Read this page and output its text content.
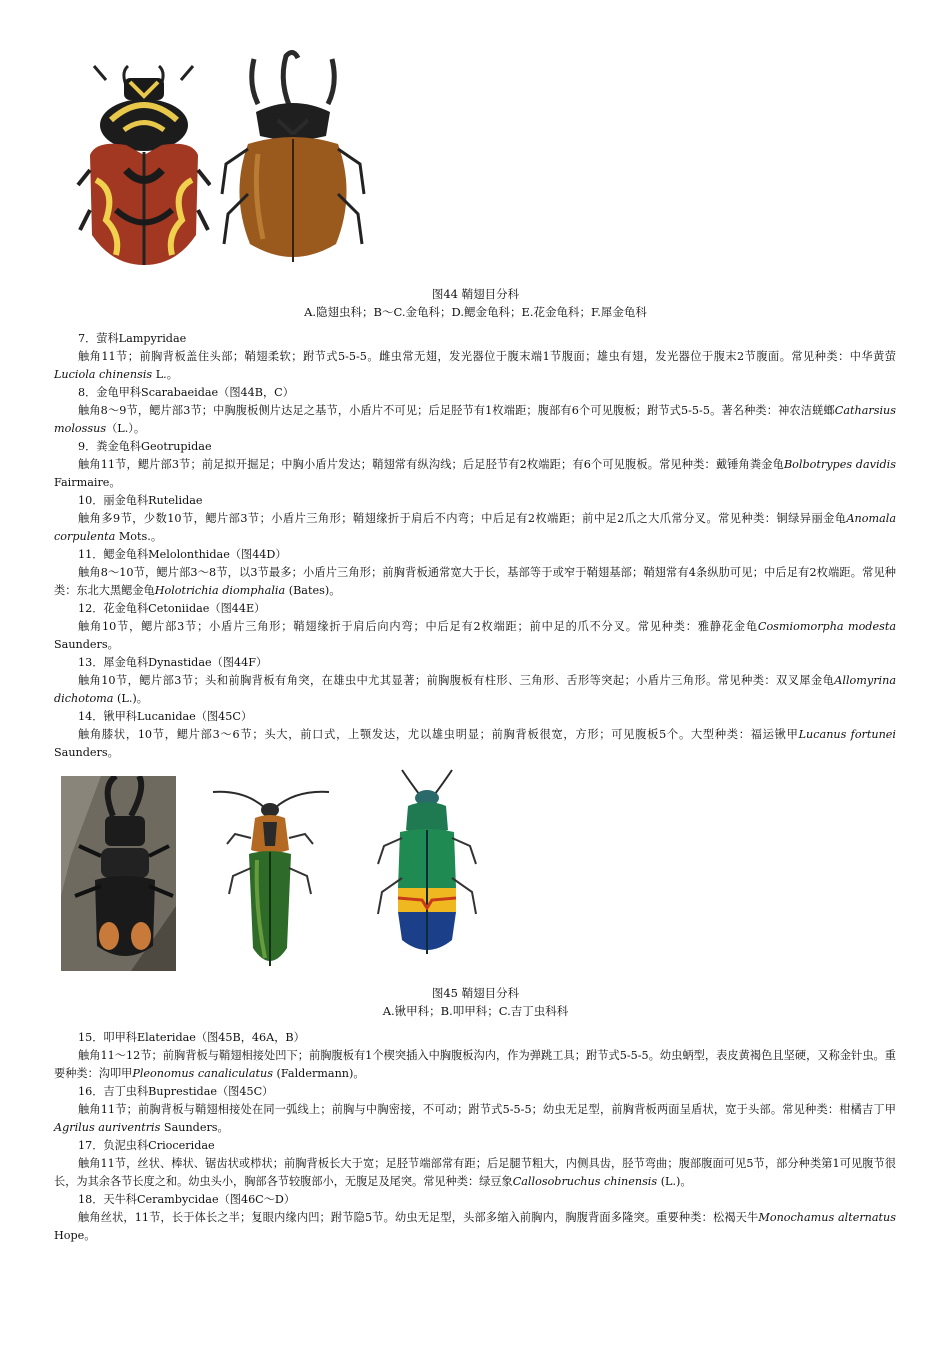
图44 鞘翅目分科
A.隐翅虫科；B～C.金龟科；D.鳃金龟科；E.花金龟科；F.犀金龟科
7．萤科Lampyridae
触角11节；前胸背板盖住头部；鞘翅柔软；跗节式5-5-5。雌虫常无翅，发光器位于腹末端1节腹面；雄虫有翅，发光器位于腹末2节腹面。常见种类：中华黄萤Luciola chinensis L.。
8．金龟甲科Scarabaeidae（图44B，C）
触角8～9节，鳃片部3节；中胸腹板侧片达足之基节，小盾片不可见；后足胫节有1枚端距；腹部有6个可见腹板；跗节式5-5-5。著名种类：神农洁蜣螂Catharsius molossus（L.）。
9．粪金龟科Geotrupidae
触角11节，鳃片部3节；前足拟开掘足；中胸小盾片发达；鞘翅常有纵沟线；后足胫节有2枚端距；有6个可见腹板。常见种类：戴锤角粪金龟Bolbotrypes davidis Fairmaire。
10．丽金龟科Rutelidae
触角多9节，少数10节，鳃片部3节；小盾片三角形；鞘翅缘折于肩后不内弯；中后足有2枚端距；前中足2爪之大爪常分叉。常见种类：铜绿异丽金龟Anomala corpulenta Mots.。
11．鳃金龟科Melolonthidae（图44D）
触角8～10节，鳃片部3～8节，以3节最多；小盾片三角形；前胸背板通常宽大于长，基部等于或窄于鞘翅基部；鞘翅常有4条纵肋可见；中后足有2枚端距。常见种类：东北大黑鳃金龟Holotrichia diomphalia (Bates)。
12．花金龟科Cetoniidae（图44E）
触角10节，鳃片部3节；小盾片三角形；鞘翅缘折于肩后向内弯；中后足有2枚端距；前中足的爪不分叉。常见种类：雅静花金龟Cosmiomorpha modesta Saunders。
13．犀金龟科Dynastidae（图44F）
触角10节，鳃片部3节；头和前胸背板有角突，在雄虫中尤其显著；前胸腹板有柱形、三角形、舌形等突起；小盾片三角形。常见种类：双叉犀金龟Allomyrina dichotoma (L.)。
14．锹甲科Lucanidae（图45C）
触角膝状，10节，鳃片部3～6节；头大，前口式，上颚发达，尤以雄虫明显；前胸背板很宽，方形；可见腹板5个。大型种类：福运锹甲Lucanus fortunei Saunders。
图45 鞘翅目分科
A.锹甲科；B.叩甲科；C.吉丁虫科科
15．叩甲科Elateridae（图45B，46A，B）
触角11～12节；前胸背板与鞘翅相接处凹下；前胸腹板有1个楔突插入中胸腹板沟内，作为弹跳工具；跗节式5-5-5。幼虫蛃型，表皮黄褐色且坚硬，又称金针虫。重要种类：沟叩甲Pleonomus canaliculatus (Faldermann)。
16．吉丁虫科Buprestidae（图45C）
触角11节；前胸背板与鞘翅相接处在同一弧线上；前胸与中胸密接，不可动；跗节式5-5-5；幼虫无足型，前胸背板两面呈盾状，宽于头部。常见种类：柑橘吉丁甲Agrilus auriventris Saunders。
17．负泥虫科Crioceridae
触角11节，丝状、棒状、锯齿状或栉状；前胸背板长大于宽；足胫节端部常有距；后足腿节粗大，内侧具齿，胫节弯曲；腹部腹面可见5节，部分种类第1可见腹节很长，为其余各节长度之和。幼虫头小，胸部各节较腹部小，无腹足及尾突。常见种类：绿豆象Callosobruchus chinensis (L.)。
18．天牛科Cerambycidae（图46C～D）
触角丝状，11节，长于体长之半；复眼内缘内凹；跗节隐5节。幼虫无足型，头部多缩入前胸内，胸腹背面多隆突。重要种类：松褐天牛Monochamus alternatus Hope。
